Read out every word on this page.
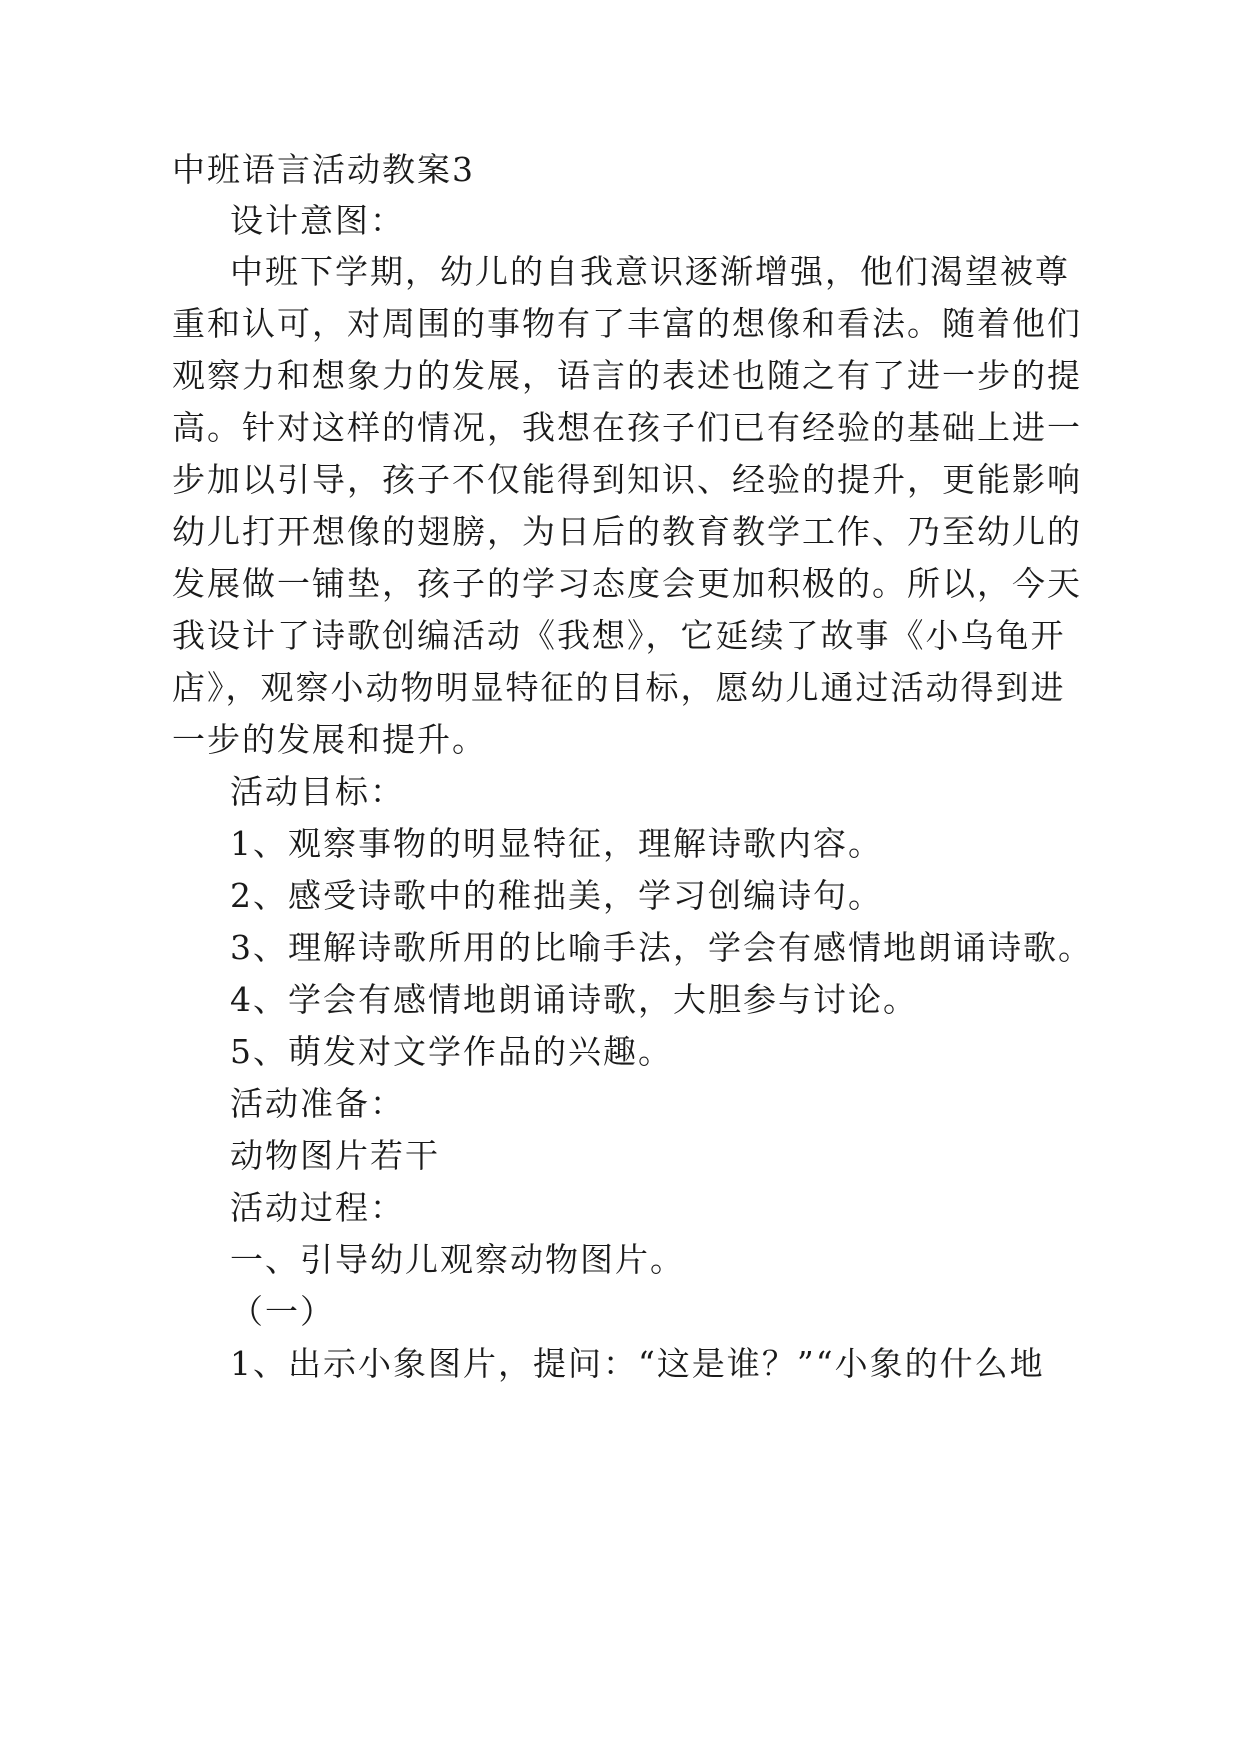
中班语言活动教案3
设计意图：
中班下学期，幼儿的自我意识逐渐增强，他们渴望被尊
重和认可，对周围的事物有了丰富的想像和看法。随着他们
观察力和想象力的发展，语言的表述也随之有了进一步的提
高。针对这样的情况，我想在孩子们已有经验的基础上进一
步加以引导，孩子不仅能得到知识、经验的提升，更能影响
幼儿打开想像的翅膀，为日后的教育教学工作、乃至幼儿的
发展做一铺垫，孩子的学习态度会更加积极的。所以，今天
我设计了诗歌创编活动《我想》，它延续了故事《小乌龟开
店》，观察小动物明显特征的目标，愿幼儿通过活动得到进
一步的发展和提升。
活动目标：
1、观察事物的明显特征，理解诗歌内容。
2、感受诗歌中的稚拙美，学习创编诗句。
3、理解诗歌所用的比喻手法，学会有感情地朗诵诗歌。
4、学会有感情地朗诵诗歌，大胆参与讨论。
5、萌发对文学作品的兴趣。
活动准备：
动物图片若干
活动过程：
一、引导幼儿观察动物图片。
（一）
1、出示小象图片，提问：“这是谁？”“小象的什么地
